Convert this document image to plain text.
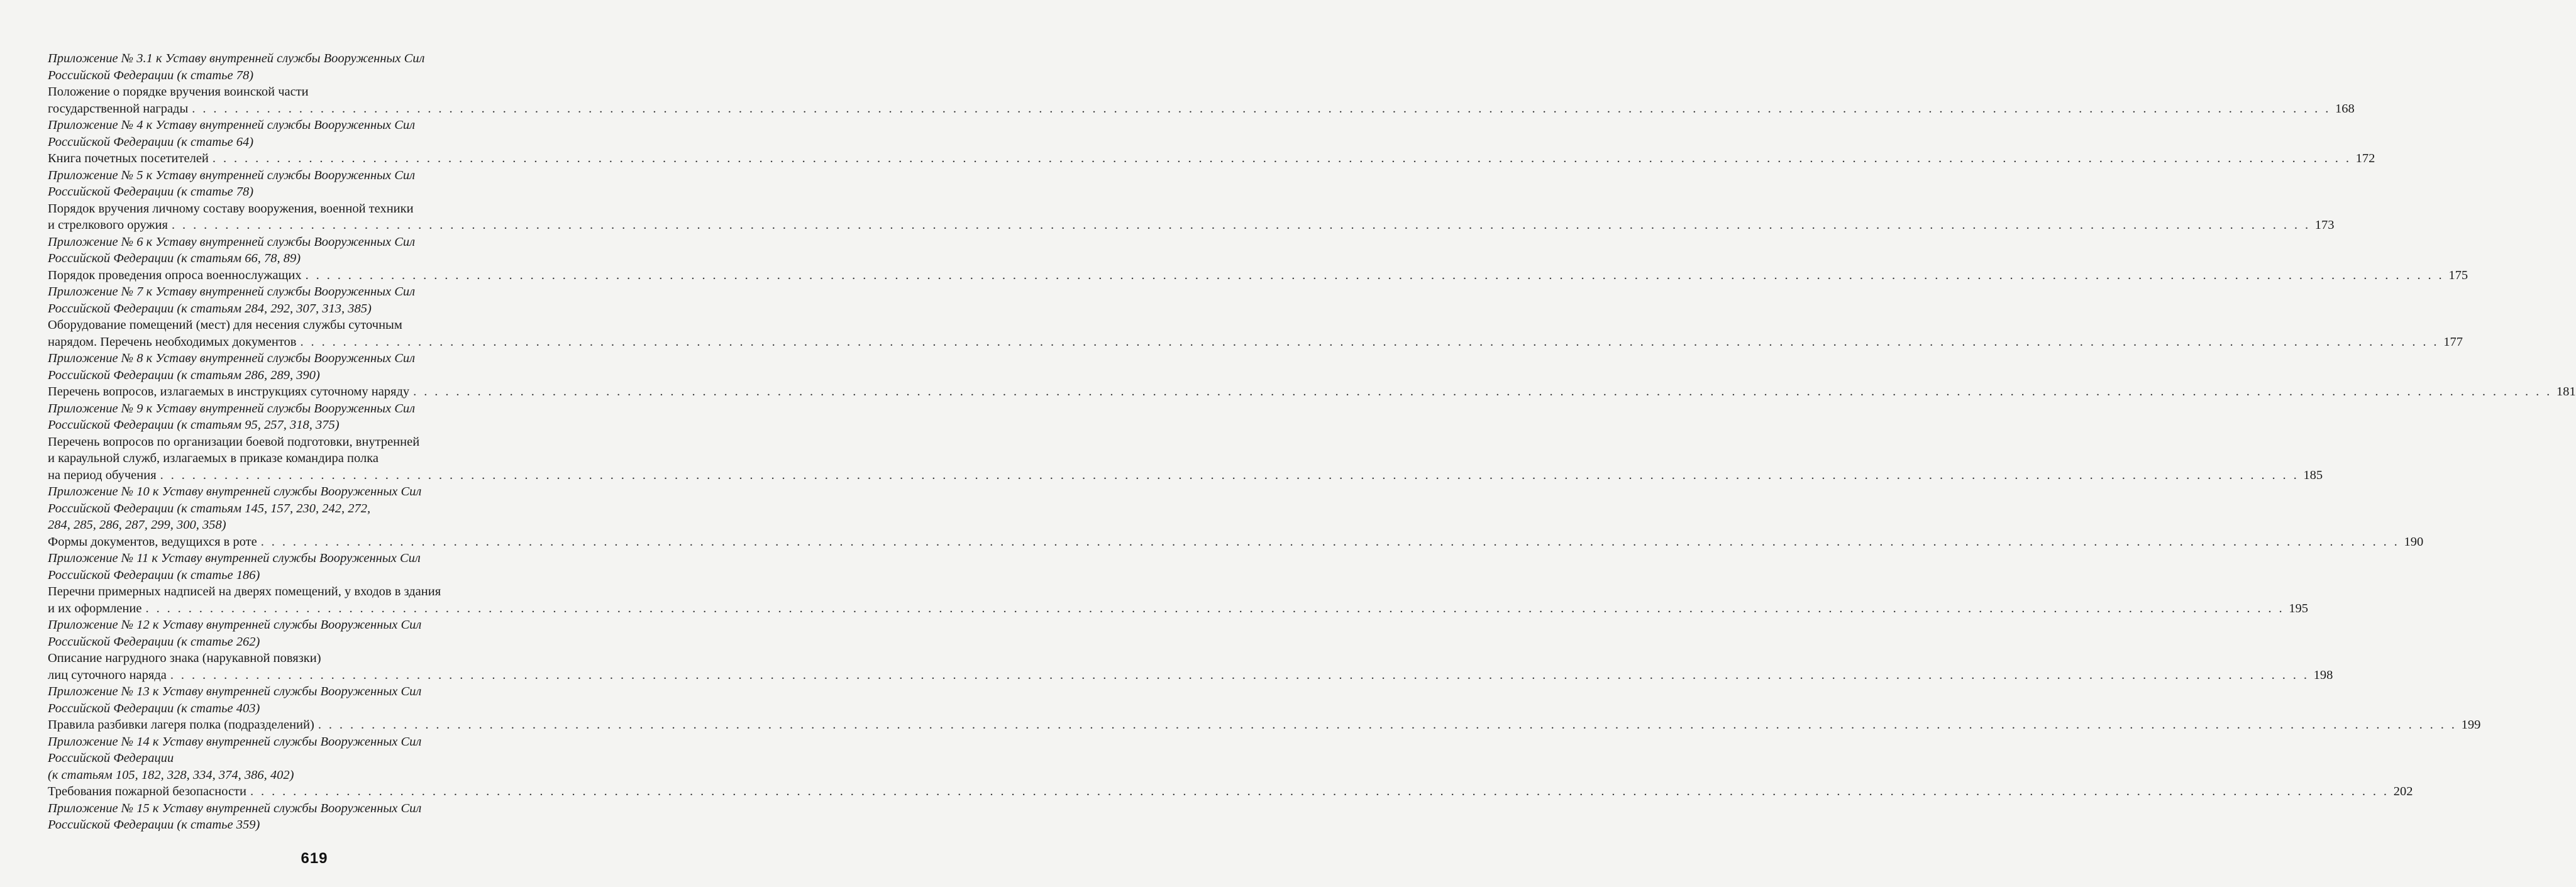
Приложение № 3.1 к Уставу внутренней службы Вооруженных Сил
Российской Федерации (к статье 78)
Положение о порядке вручения воинской части
государственной награды . . . . . . . . . . . . . . . . . . . . . . . . . . . . . . . . . . . . . . . . . . . . . . . . . . . . . . . . . . . . . . . . . . . . . . . . . . . . . . . . . . . . . . . . . . . . . . . . . . . . . . . . . . . . . . . . . . . . . . . . . . . . . . . . . . . . . . . . . . . . . . . . . . . . . . . . . . . . . . . . . . . . . . . . . . . . . . . . . . . . . . . . . . . . . . . . . . . . . . . . 168
Приложение № 4 к Уставу внутренней службы Вооруженных Сил
Российской Федерации (к статье 64)
Книга почетных посетителей . . . . . . . . . . . . . . . . . . . . . . . . . . . . . . . . . . . . . . . . . . . . . . . . . . . . . . . . . . . . . . . . . . . . . . . . . . . . . . . . . . . . . . . . . . . . . . . . . . . . . . . . . . . . . . . . . . . . . . . . . . . . . . . . . . . . . . . . . . . . . . . . . . . . . . . . . . . . . . . . . . . . . . . . . . . . . . . . . . . . . . . . . . . . . . . . . . . . . . . . 172
Приложение № 5 к Уставу внутренней службы Вооруженных Сил
Российской Федерации (к статье 78)
Порядок вручения личному составу вооружения, военной техники
и стрелкового оружия . . . . . . . . . . . . . . . . . . . . . . . . . . . . . . . . . . . . . . . . . . . . . . . . . . . . . . . . . . . . . . . . . . . . . . . . . . . . . . . . . . . . . . . . . . . . . . . . . . . . . . . . . . . . . . . . . . . . . . . . . . . . . . . . . . . . . . . . . . . . . . . . . . . . . . . . . . . . . . . . . . . . . . . . . . . . . . . . . . . . . . . . . . . . . . . . . . . . . . . . 173
Приложение № 6 к Уставу внутренней службы Вооруженных Сил
Российской Федерации (к статьям 66, 78, 89)
Порядок проведения опроса военнослужащих . . . . . . . . . . . . . . . . . . . . . . . . . . . . . . . . . . . . . . . . . . . . . . . . . . . . . . . . . . . . . . . . . . . . . . . . . . . . . . . . . . . . . . . . . . . . . . . . . . . . . . . . . . . . . . . . . . . . . . . . . . . . . . . . . . . . . . . . . . . . . . . . . . . . . . . . . . . . . . . . . . . . . . . . . . . . . . . . . . . . . . . . . . . . . . . . . . . . . . . . 175
Приложение № 7 к Уставу внутренней службы Вооруженных Сил
Российской Федерации (к статьям 284, 292, 307, 313, 385)
Оборудование помещений (мест) для несения службы суточным
нарядом. Перечень необходимых документов . . . . . . . . . . . . . . . . . . . . . . . . . . . . . . . . . . . . . . . . . . . . . . . . . . . . . . . . . . . . . . . . . . . . . . . . . . . . . . . . . . . . . . . . . . . . . . . . . . . . . . . . . . . . . . . . . . . . . . . . . . . . . . . . . . . . . . . . . . . . . . . . . . . . . . . . . . . . . . . . . . . . . . . . . . . . . . . . . . . . . . . . . . . . . . . . . . . . . . . . 177
Приложение № 8 к Уставу внутренней службы Вооруженных Сил
Российской Федерации (к статьям 286, 289, 390)
Перечень вопросов, излагаемых в инструкциях суточному наряду . . . . . . . . . . . . . . . . . . . . . . . . . . . . . . . . . . . . . . . . . . . . . . . . . . . . . . . . . . . . . . . . . . . . . . . . . . . . . . . . . . . . . . . . . . . . . . . . . . . . . . . . . . . . . . . . . . . . . . . . . . . . . . . . . . . . . . . . . . . . . . . . . . . . . . . . . . . . . . . . . . . . . . . . . . . . . . . . . . . . . . . . . . . . . . . . . . . . . . . . 181
Приложение № 9 к Уставу внутренней службы Вооруженных Сил
Российской Федерации (к статьям 95, 257, 318, 375)
Перечень вопросов по организации боевой подготовки, внутренней
и караульной служб, излагаемых в приказе командира полка
на период обучения . . . . . . . . . . . . . . . . . . . . . . . . . . . . . . . . . . . . . . . . . . . . . . . . . . . . . . . . . . . . . . . . . . . . . . . . . . . . . . . . . . . . . . . . . . . . . . . . . . . . . . . . . . . . . . . . . . . . . . . . . . . . . . . . . . . . . . . . . . . . . . . . . . . . . . . . . . . . . . . . . . . . . . . . . . . . . . . . . . . . . . . . . . . . . . . . . . . . . . . . 185
Приложение № 10 к Уставу внутренней службы Вооруженных Сил
Российской Федерации (к статьям 145, 157, 230, 242, 272,
284, 285, 286, 287, 299, 300, 358)
Формы документов, ведущихся в роте . . . . . . . . . . . . . . . . . . . . . . . . . . . . . . . . . . . . . . . . . . . . . . . . . . . . . . . . . . . . . . . . . . . . . . . . . . . . . . . . . . . . . . . . . . . . . . . . . . . . . . . . . . . . . . . . . . . . . . . . . . . . . . . . . . . . . . . . . . . . . . . . . . . . . . . . . . . . . . . . . . . . . . . . . . . . . . . . . . . . . . . . . . . . . . . . . . . . . . . . 190
Приложение № 11 к Уставу внутренней службы Вооруженных Сил
Российской Федерации (к статье 186)
Перечни примерных надписей на дверях помещений, у входов в здания
и их оформление . . . . . . . . . . . . . . . . . . . . . . . . . . . . . . . . . . . . . . . . . . . . . . . . . . . . . . . . . . . . . . . . . . . . . . . . . . . . . . . . . . . . . . . . . . . . . . . . . . . . . . . . . . . . . . . . . . . . . . . . . . . . . . . . . . . . . . . . . . . . . . . . . . . . . . . . . . . . . . . . . . . . . . . . . . . . . . . . . . . . . . . . . . . . . . . . . . . . . . . . 195
Приложение № 12 к Уставу внутренней службы Вооруженных Сил
Российской Федерации (к статье 262)
Описание нагрудного знака (нарукавной повязки)
лиц суточного наряда . . . . . . . . . . . . . . . . . . . . . . . . . . . . . . . . . . . . . . . . . . . . . . . . . . . . . . . . . . . . . . . . . . . . . . . . . . . . . . . . . . . . . . . . . . . . . . . . . . . . . . . . . . . . . . . . . . . . . . . . . . . . . . . . . . . . . . . . . . . . . . . . . . . . . . . . . . . . . . . . . . . . . . . . . . . . . . . . . . . . . . . . . . . . . . . . . . . . . . . . 198
Приложение № 13 к Уставу внутренней службы Вооруженных Сил
Российской Федерации (к статье 403)
Правила разбивки лагеря полка (подразделений) . . . . . . . . . . . . . . . . . . . . . . . . . . . . . . . . . . . . . . . . . . . . . . . . . . . . . . . . . . . . . . . . . . . . . . . . . . . . . . . . . . . . . . . . . . . . . . . . . . . . . . . . . . . . . . . . . . . . . . . . . . . . . . . . . . . . . . . . . . . . . . . . . . . . . . . . . . . . . . . . . . . . . . . . . . . . . . . . . . . . . . . . . . . . . . . . . . . . . . . . 199
Приложение № 14 к Уставу внутренней службы Вооруженных Сил
Российской Федерации
(к статьям 105, 182, 328, 334, 374, 386, 402)
Требования пожарной безопасности . . . . . . . . . . . . . . . . . . . . . . . . . . . . . . . . . . . . . . . . . . . . . . . . . . . . . . . . . . . . . . . . . . . . . . . . . . . . . . . . . . . . . . . . . . . . . . . . . . . . . . . . . . . . . . . . . . . . . . . . . . . . . . . . . . . . . . . . . . . . . . . . . . . . . . . . . . . . . . . . . . . . . . . . . . . . . . . . . . . . . . . . . . . . . . . . . . . . . . . . 202
Приложение № 15 к Уставу внутренней службы Вооруженных Сил
Российской Федерации (к статье 359)
619
